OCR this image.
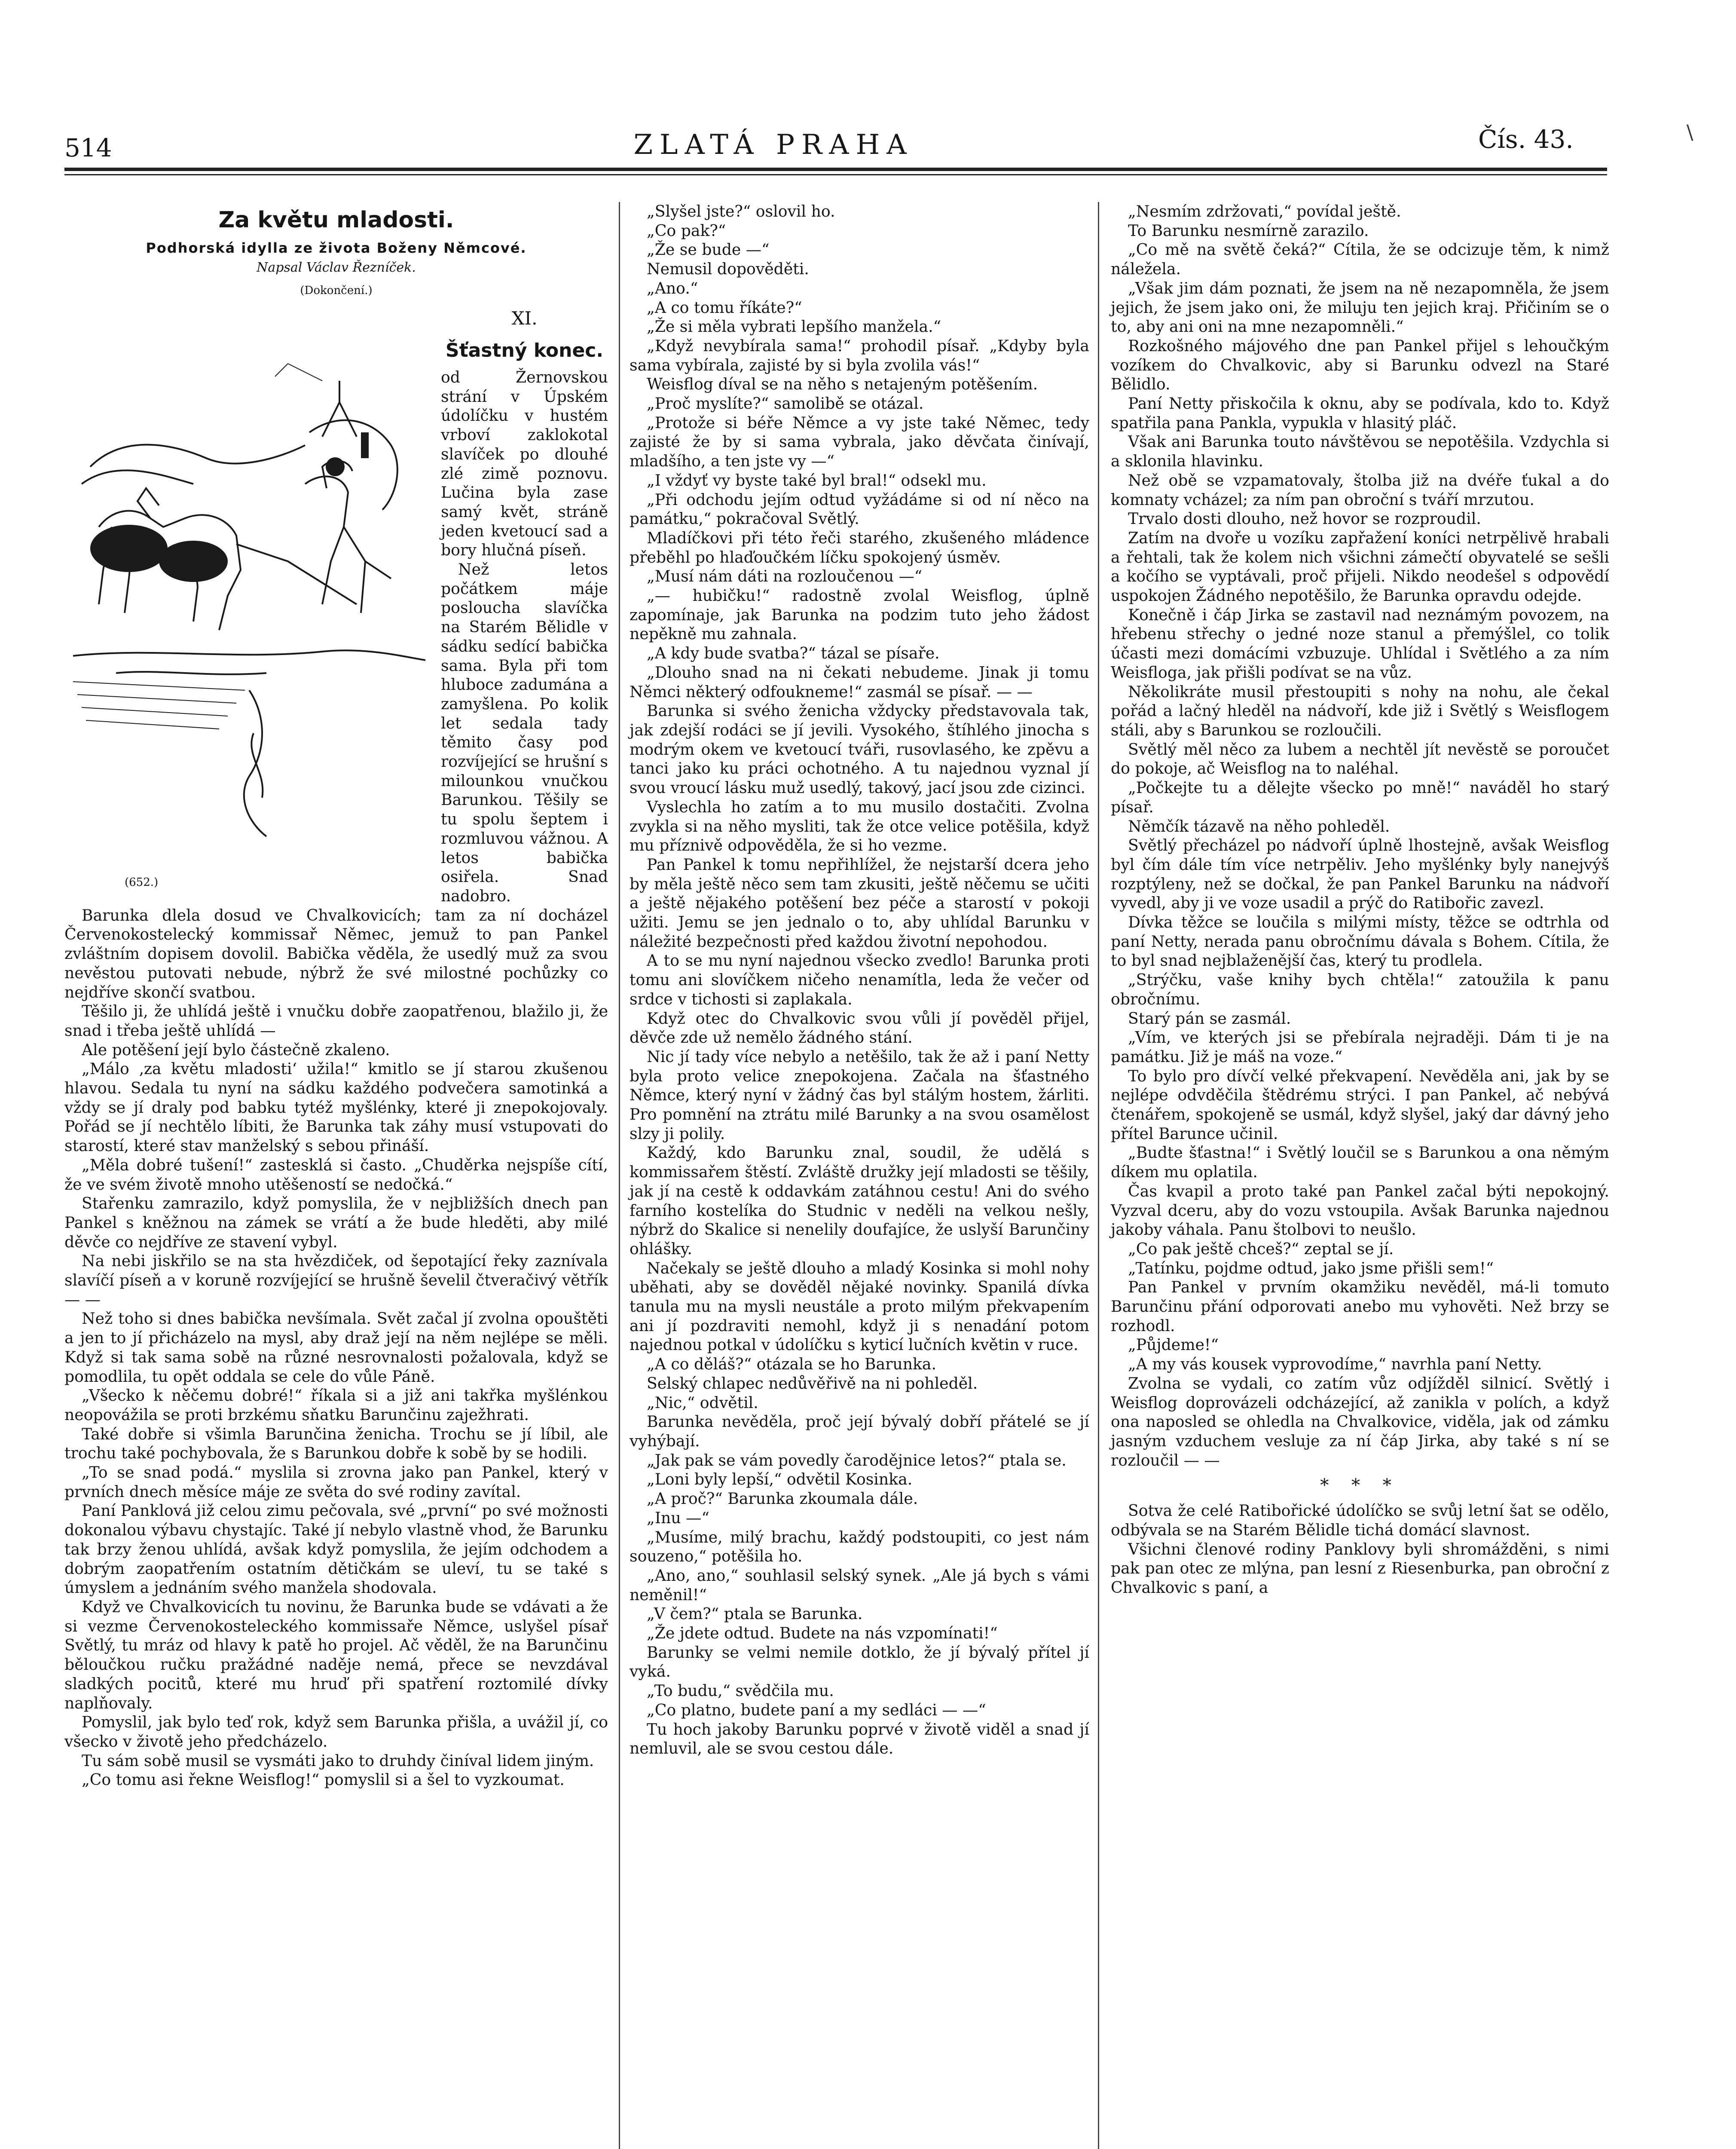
514	ZLATÁ PRAHA	Čís. 43.	\

Za květu mladosti.

Podhorská idylla ze života Boženy Němcové.

Napsal Václav Řezníček.

(Dokončení.)

(652.)

XI.

Šťastný konec.

od Žernovskou strání v Úpském údolíčku v hustém vrboví zaklokotal slavíček po dlouhé zlé zimě poznovu. Lučina byla zase samý květ, stráně jeden kvetoucí sad a bory hlučná píseň.

Než letos počátkem máje posloucha slavíčka na Starém Bělidle v sádku sedící babička sama. Byla při tom hluboce zadumána a zamyšlena. Po kolik let sedala tady těmito časy pod rozvíjející se hrušní s milounkou vnučkou Barunkou. Těšily se tu spolu šeptem i rozmluvou vážnou. A letos babička osiřela. Snad nadobro.

Barunka dlela dosud ve Chvalkovicích; tam za ní docházel Červenokostelecký kommissař Němec, jemuž to pan Pankel zvláštním dopisem dovolil. Babička věděla, že usedlý muž za svou nevěstou putovati nebude, nýbrž že své milostné pochůzky co nejdříve skončí svatbou.

Těšilo ji, že uhlídá ještě i vnučku dobře zaopatřenou, blažilo ji, že snad i třeba ještě uhlídá —

Ale potěšení její bylo částečně zkaleno.

„Málo ‚za květu mladosti‘ užila!“ kmitlo se jí starou zkušenou hlavou. Sedala tu nyní na sádku každého podvečera samotinká a vždy se jí draly pod babku tytéž myšlénky, které ji znepokojovaly. Pořád se jí nechtělo líbiti, že Barunka tak záhy musí vstupovati do starostí, které stav manželský s sebou přináší.

„Měla dobré tušení!“ zastesklá si často. „Chuděrka nejspíše cítí, že ve svém životě mnoho utěšeností se nedočká.“

Stařenku zamrazilo, když pomyslila, že v nejbližších dnech pan Pankel s kněžnou na zámek se vrátí a že bude hleděti, aby milé děvče co nejdříve ze stavení vybyl.

Na nebi jiskřilo se na sta hvězdiček, od šepotající řeky zaznívala slavíčí píseň a v koruně rozvíjející se hrušně ševelil čtveračivý větřík — —

Než toho si dnes babička nevšímala. Svět začal jí zvolna opouštěti a jen to jí přicházelo na mysl, aby draž její na něm nejlépe se měli. Když si tak sama sobě na různé nesrovnalosti požalovala, když se pomodlila, tu opět oddala se cele do vůle Páně.

„Všecko k něčemu dobré!“ říkala si a již ani takřka myšlénkou neopovážila se proti brzkému sňatku Barunčinu zaježhrati.

Také dobře si všimla Barunčina ženicha. Trochu se jí líbil, ale trochu také pochybovala, že s Barunkou dobře k sobě by se hodili.

„To se snad podá.“ myslila si zrovna jako pan Pankel, který v prvních dnech měsíce máje ze světa do své rodiny zavítal.

Paní Panklová již celou zimu pečovala, své „první“ po své možnosti dokonalou výbavu chystajíc. Také jí nebylo vlastně vhod, že Barunku tak brzy ženou uhlídá, avšak když pomyslila, že jejím odchodem a dobrým zaopatřením ostatním dětičkám se uleví, tu se také s úmyslem a jednáním svého manžela shodovala.

Když ve Chvalkovicích tu novinu, že Barunka bude se vdávati a že si vezme Červenokosteleckého kommissaře Němce, uslyšel písař Světlý, tu mráz od hlavy k patě ho projel. Ač věděl, že na Barunčinu běloučkou ručku pražádné naděje nemá, přece se nevzdával sladkých pocitů, které mu hruď při spatření roztomilé dívky naplňovaly.

Pomyslil, jak bylo teď rok, když sem Barunka přišla, a uvážil jí, co všecko v životě jeho předcházelo.

Tu sám sobě musil se vysmáti jako to druhdy činíval lidem jiným.

„Co tomu asi řekne Weisflog!“ pomyslil si a šel to vyzkoumat.

„Slyšel jste?“ oslovil ho.

„Co pak?“

„Že se bude —“

Nemusil dopověděti.

„Ano.“

„A co tomu říkáte?“

„Že si měla vybrati lepšího manžela.“

„Když nevybírala sama!“ prohodil písař. „Kdyby byla sama vybírala, zajisté by si byla zvolila vás!“

Weisflog díval se na něho s netajeným potěšením.

„Proč myslíte?“ samolibě se otázal.

„Protože si béře Němce a vy jste také Němec, tedy zajisté že by si sama vybrala, jako děvčata činívají, mladšího, a ten jste vy —“

„I vždyť vy byste také byl bral!“ odsekl mu.

„Při odchodu jejím odtud vyžádáme si od ní něco na památku,“ pokračoval Světlý.

Mladíčkovi při této řeči starého, zkušeného mládence přeběhl po hlaďoučkém líčku spokojený úsměv.

„Musí nám dáti na rozloučenou —“

„— hubičku!“ radostně zvolal Weisflog, úplně zapomínaje, jak Barunka na podzim tuto jeho žádost nepěkně mu zahnala.

„A kdy bude svatba?“ tázal se písaře.

„Dlouho snad na ni čekati nebudeme. Jinak ji tomu Němci některý odfoukneme!“ zasmál se písař. — —

Barunka si svého ženicha vždycky představovala tak, jak zdejší rodáci se jí jevili. Vysokého, štíhlého jinocha s modrým okem ve kvetoucí tváři, rusovlasého, ke zpěvu a tanci jako ku práci ochotného. A tu najednou vyznal jí svou vroucí lásku muž usedlý, takový, jací jsou zde cizinci.

Vyslechla ho zatím a to mu musilo dostačiti. Zvolna zvykla si na něho mysliti, tak že otce velice potěšila, když mu příznivě odpověděla, že si ho vezme.

Pan Pankel k tomu nepřihlížel, že nejstarší dcera jeho by měla ještě něco sem tam zkusiti, ještě něčemu se učiti a ještě nějakého potěšení bez péče a starostí v pokoji užiti. Jemu se jen jednalo o to, aby uhlídal Barunku v náležité bezpečnosti před každou životní nepohodou.

A to se mu nyní najednou všecko zvedlo! Barunka proti tomu ani slovíčkem ničeho nenamítla, leda že večer od srdce v tichosti si zaplakala.

Když otec do Chvalkovic svou vůli jí pověděl přijel, děvče zde už nemělo žádného stání.

Nic jí tady více nebylo a netěšilo, tak že až i paní Netty byla proto velice znepokojena. Začala na šťastného Němce, který nyní v žádný čas byl stálým hostem, žárliti. Pro pomnění na ztrátu milé Barunky a na svou osamělost slzy ji polily.

Každý, kdo Barunku znal, soudil, že udělá s kommissařem štěstí. Zvláště družky její mladosti se těšily, jak jí na cestě k oddavkám zatáhnou cestu! Ani do svého farního kostelíka do Studnic v neděli na velkou nešly, nýbrž do Skalice si nenelily doufajíce, že uslyší Barunčiny ohlášky.

Načekaly se ještě dlouho a mladý Kosinka si mohl nohy uběhati, aby se dověděl nějaké novinky. Spanilá dívka tanula mu na mysli neustále a proto milým překvapením ani jí pozdraviti nemohl, když ji s nenadání potom najednou potkal v údolíčku s kyticí lučních květin v ruce.

„A co děláš?“ otázala se ho Barunka.

Selský chlapec nedůvěřivě na ni pohleděl.

„Nic,“ odvětil.

Barunka nevěděla, proč její bývalý dobří přátelé se jí vyhýbají.

„Jak pak se vám povedly čarodějnice letos?“ ptala se.

„Loni byly lepší,“ odvětil Kosinka.

„A proč?“ Barunka zkoumala dále.

„Inu —“

„Musíme, milý brachu, každý podstoupiti, co jest nám souzeno,“ potěšila ho.

„Ano, ano,“ souhlasil selský synek. „Ale já bych s vámi neměnil!“

„V čem?“ ptala se Barunka.

„Že jdete odtud. Budete na nás vzpomínati!“

Barunky se velmi nemile dotklo, že jí bývalý přítel jí vyká.

„To budu,“ svědčila mu.

„Co platno, budete paní a my sedláci — —“

Tu hoch jakoby Barunku poprvé v životě viděl a snad jí nemluvil, ale se svou cestou dále.

„Nesmím zdržovati,“ povídal ještě.

To Barunku nesmírně zarazilo.

„Co mě na světě čeká?“ Cítila, že se odcizuje těm, k nimž náležela.

„Však jim dám poznati, že jsem na ně nezapomněla, že jsem jejich, že jsem jako oni, že miluju ten jejich kraj. Přičiním se o to, aby ani oni na mne nezapomněli.“

Rozkošného májového dne pan Pankel přijel s lehoučkým vozíkem do Chvalkovic, aby si Barunku odvezl na Staré Bělidlo.

Paní Netty přiskočila k oknu, aby se podívala, kdo to. Když spatřila pana Pankla, vypukla v hlasitý pláč.

Však ani Barunka touto návštěvou se nepotěšila. Vzdychla si a sklonila hlavinku.

Než obě se vzpamatovaly, štolba již na dvéře ťukal a do komnaty vcházel; za ním pan obroční s tváří mrzutou.

Trvalo dosti dlouho, než hovor se rozproudil.

Zatím na dvoře u vozíku zapřažení koníci netrpělivě hrabali a řehtali, tak že kolem nich všichni zámečtí obyvatelé se sešli a kočího se vyptávali, proč přijeli. Nikdo neodešel s odpovědí uspokojen Žádného nepotěšilo, že Barunka opravdu odejde.

Konečně i čáp Jirka se zastavil nad neznámým povozem, na hřebenu střechy o jedné noze stanul a přemýšlel, co tolik účasti mezi domácími vzbuzuje. Uhlídal i Světlého a za ním Weisfloga, jak přišli podívat se na vůz.

Několikráte musil přestoupiti s nohy na nohu, ale čekal pořád a lačný hleděl na nádvoří, kde již i Světlý s Weisflogem stáli, aby s Barunkou se rozloučili.

Světlý měl něco za lubem a nechtěl jít nevěstě se poroučet do pokoje, ač Weisflog na to naléhal.

„Počkejte tu a dělejte všecko po mně!“ naváděl ho starý písař.

Němčík tázavě na něho pohleděl.

Světlý přecházel po nádvoří úplně lhostejně, avšak Weisflog byl čím dále tím více netrpěliv. Jeho myšlénky byly nanejvýš rozptýleny, než se dočkal, že pan Pankel Barunku na nádvoří vyvedl, aby ji ve voze usadil a prýč do Ratibořic zavezl.

Dívka těžce se loučila s milými místy, těžce se odtrhla od paní Netty, nerada panu obročnímu dávala s Bohem. Cítila, že to byl snad nejblaženější čas, který tu prodlela.

„Strýčku, vaše knihy bych chtěla!“ zatoužila k panu obročnímu.

Starý pán se zasmál.

„Vím, ve kterých jsi se přebírala nejraději. Dám ti je na památku. Již je máš na voze.“

To bylo pro dívčí velké překvapení. Nevěděla ani, jak by se nejlépe odvděčila štědrému strýci. I pan Pankel, ač nebývá čtenářem, spokojeně se usmál, když slyšel, jaký dar dávný jeho přítel Barunce učinil.

„Budte šťastna!“ i Světlý loučil se s Barunkou a ona němým díkem mu oplatila.

Čas kvapil a proto také pan Pankel začal býti nepokojný. Vyzval dceru, aby do vozu vstoupila. Avšak Barunka najednou jakoby váhala. Panu štolbovi to neušlo.

„Co pak ještě chceš?“ zeptal se jí.

„Tatínku, pojdme odtud, jako jsme přišli sem!“

Pan Pankel v prvním okamžiku nevěděl, má-li tomuto Barunčinu přání odporovati anebo mu vyhověti. Než brzy se rozhodl.

„Půjdeme!“

„A my vás kousek vyprovodíme,“ navrhla paní Netty.

Zvolna se vydali, co zatím vůz odjížděl silnicí. Světlý i Weisflog doprovázeli odcházející, až zanikla v polích, a když ona naposled se ohledla na Chvalkovice, viděla, jak od zámku jasným vzduchem vesluje za ní čáp Jirka, aby také s ní se rozloučil — —

* * *

Sotva že celé Ratibořické údolíčko se svůj letní šat se odělo, odbývala se na Starém Bělidle tichá domácí slavnost.

Všichni členové rodiny Panklovy byli shromážděni, s nimi pak pan otec ze mlýna, pan lesní z Riesenburka, pan obroční z Chvalkovic s paní, a
